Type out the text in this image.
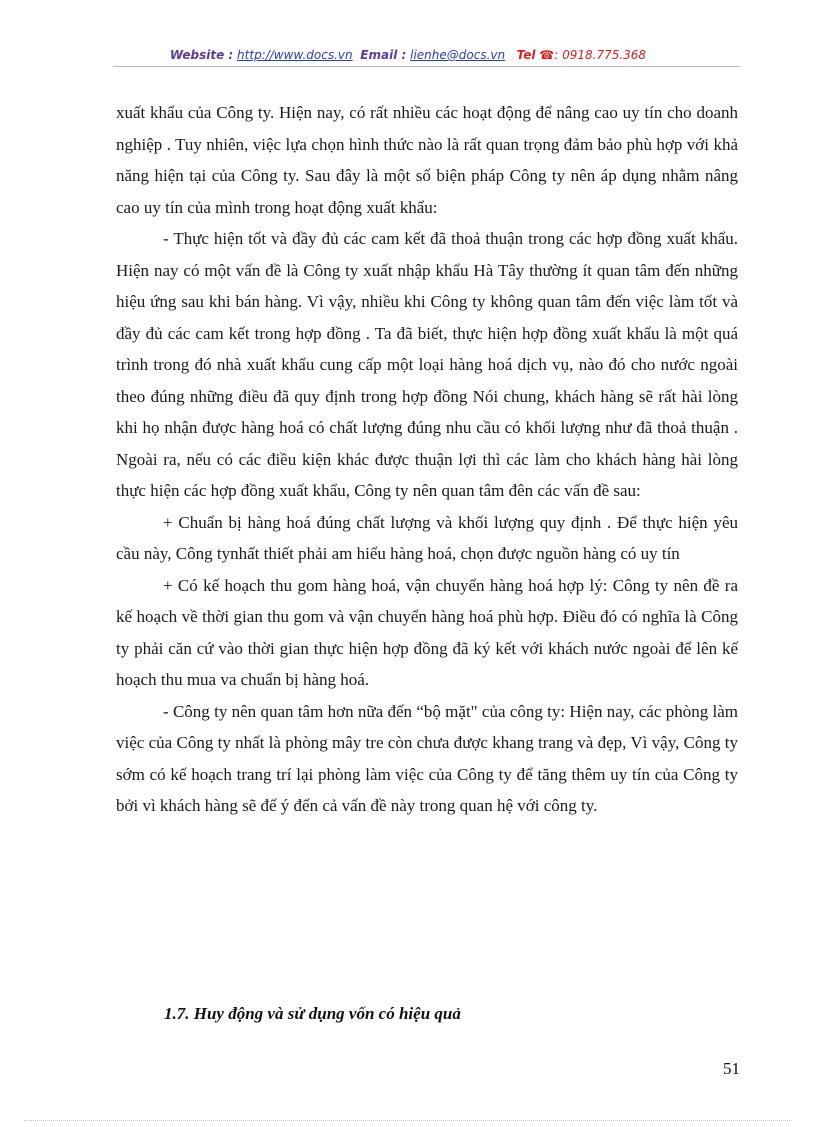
Website : http://www.docs.vn Email : lienhe@docs.vn Tel ☎: 0918.775.368

xuất khẩu của Công ty. Hiện nay, có rất nhiều các hoạt động để nâng cao uy tín cho doanh nghiệp . Tuy nhiên, việc lựa chọn hình thức nào là rất quan trọng đảm bảo phù hợp với khả năng hiện tại của Công ty. Sau đây là một số biện pháp Công ty nên áp dụng nhằm nâng cao uy tín của mình trong hoạt động xuất khẩu:

- Thực hiện tốt và đầy đủ các cam kết đã thoả thuận trong các hợp đồng xuất khẩu. Hiện nay có một vấn đề là Công ty xuất nhập khẩu Hà Tây thường ít quan tâm đến những hiệu ứng sau khi bán hàng. Vì vậy, nhiều khi Công ty không quan tâm đến việc làm tốt và đầy đủ các cam kết trong hợp đồng . Ta đã biết, thực hiện hợp đồng xuất khẩu là một quá trình trong đó nhà xuất khẩu cung cấp một loại hàng hoá dịch vụ, nào đó cho nước ngoài theo đúng những điều đã quy định trong hợp đồng Nói chung, khách hàng sẽ rất hài lòng khi họ nhận được hàng hoá có chất lượng đúng nhu cầu có khối lượng như đã thoả thuận . Ngoài ra, nếu có các điều kiện khác được thuận lợi thì các làm cho khách hàng hài lòng thực hiện các hợp đồng xuất khẩu, Công ty nên quan tâm đên các vấn đề sau:

+ Chuẩn bị hàng hoá đúng chất lượng và khối lượng quy định . Để thực hiện yêu cầu này, Công tynhất thiết phải am hiểu hàng hoá, chọn được nguồn hàng có uy tín

+ Có kế hoạch thu gom hàng hoá, vận chuyển hàng hoá hợp lý: Công ty nên đề ra kế hoạch về thời gian thu gom và vận chuyển hàng hoá phù hợp. Điều đó có nghĩa là Công ty phải căn cứ vào thời gian thực hiện hợp đồng đã ký kết với khách nước ngoài để lên kế hoạch thu mua va chuẩn bị hàng hoá.

- Công ty nên quan tâm hơn nữa đến “bộ mặt" của công ty: Hiện nay, các phòng làm việc của Công ty nhất là phòng mây tre còn chưa được khang trang và đẹp, Vì vậy, Công ty sớm có kế hoạch trang trí lại phòng làm việc của Công ty để tăng thêm uy tín của Công ty bởi vì khách hàng sẽ để ý đến cả vấn đề này trong quan hệ với công ty.

1.7. Huy động và sử dụng vốn có hiệu quả
51
